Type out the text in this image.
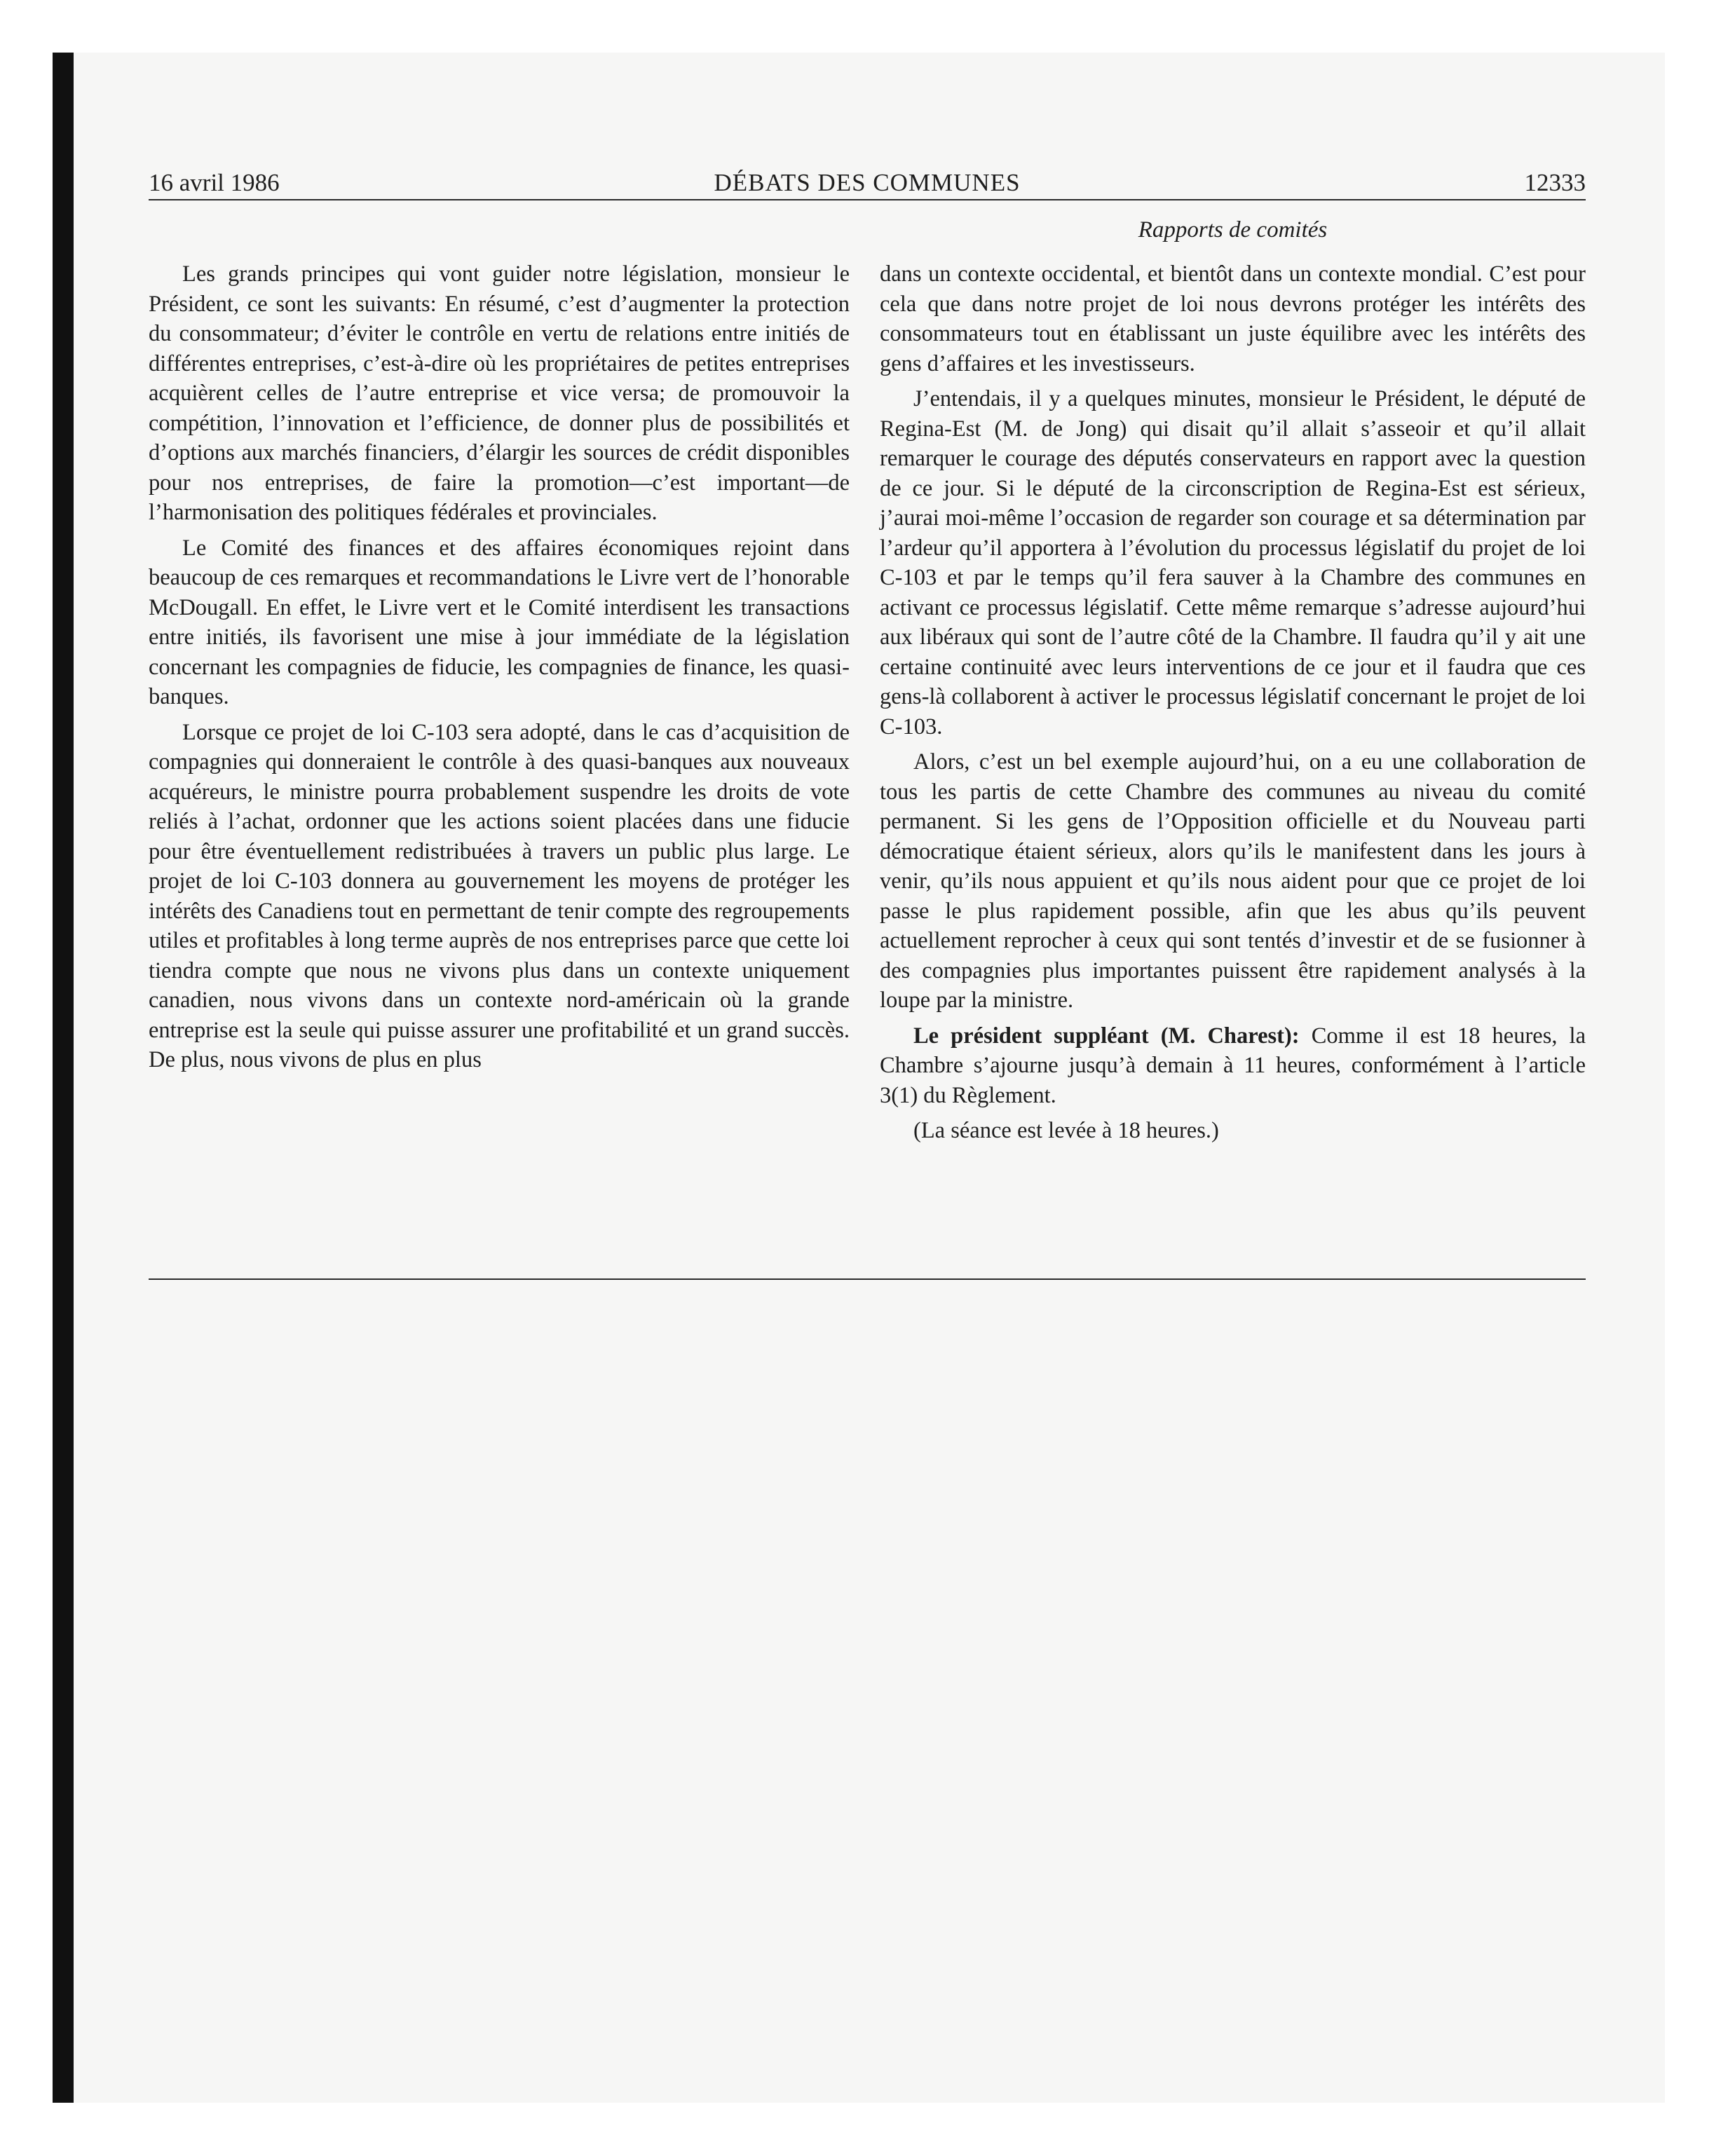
16 avril 1986	DÉBATS DES COMMUNES	12333
Rapports de comités

Les grands principes qui vont guider notre législation, monsieur le Président, ce sont les suivants: En résumé, c’est d’augmenter la protection du consommateur; d’éviter le contrôle en vertu de relations entre initiés de différentes entreprises, c’est-à-dire où les propriétaires de petites entreprises acquièrent celles de l’autre entreprise et vice versa; de promouvoir la compétition, l’innovation et l’efficience, de donner plus de possibilités et d’options aux marchés financiers, d’élargir les sources de crédit disponibles pour nos entreprises, de faire la promotion—c’est important—de l’harmonisation des politiques fédérales et provinciales.

Le Comité des finances et des affaires économiques rejoint dans beaucoup de ces remarques et recommandations le Livre vert de l’honorable McDougall. En effet, le Livre vert et le Comité interdisent les transactions entre initiés, ils favorisent une mise à jour immédiate de la législation concernant les compagnies de fiducie, les compagnies de finance, les quasi-banques.

Lorsque ce projet de loi C-103 sera adopté, dans le cas d’acquisition de compagnies qui donneraient le contrôle à des quasi-banques aux nouveaux acquéreurs, le ministre pourra probablement suspendre les droits de vote reliés à l’achat, ordonner que les actions soient placées dans une fiducie pour être éventuellement redistribuées à travers un public plus large. Le projet de loi C-103 donnera au gouvernement les moyens de protéger les intérêts des Canadiens tout en permettant de tenir compte des regroupements utiles et profitables à long terme auprès de nos entreprises parce que cette loi tiendra compte que nous ne vivons plus dans un contexte uniquement canadien, nous vivons dans un contexte nord-américain où la grande entreprise est la seule qui puisse assurer une profitabilité et un grand succès. De plus, nous vivons de plus en plus

dans un contexte occidental, et bientôt dans un contexte mondial. C’est pour cela que dans notre projet de loi nous devrons protéger les intérêts des consommateurs tout en établissant un juste équilibre avec les intérêts des gens d’affaires et les investisseurs.

J’entendais, il y a quelques minutes, monsieur le Président, le député de Regina-Est (M. de Jong) qui disait qu’il allait s’asseoir et qu’il allait remarquer le courage des députés conservateurs en rapport avec la question de ce jour. Si le député de la circonscription de Regina-Est est sérieux, j’aurai moi-même l’occasion de regarder son courage et sa détermination par l’ardeur qu’il apportera à l’évolution du processus législatif du projet de loi C-103 et par le temps qu’il fera sauver à la Chambre des communes en activant ce processus législatif. Cette même remarque s’adresse aujourd’hui aux libéraux qui sont de l’autre côté de la Chambre. Il faudra qu’il y ait une certaine continuité avec leurs interventions de ce jour et il faudra que ces gens-là collaborent à activer le processus législatif concernant le projet de loi C-103.

Alors, c’est un bel exemple aujourd’hui, on a eu une collaboration de tous les partis de cette Chambre des communes au niveau du comité permanent. Si les gens de l’Opposition officielle et du Nouveau parti démocratique étaient sérieux, alors qu’ils le manifestent dans les jours à venir, qu’ils nous appuient et qu’ils nous aident pour que ce projet de loi passe le plus rapidement possible, afin que les abus qu’ils peuvent actuellement reprocher à ceux qui sont tentés d’investir et de se fusionner à des compagnies plus importantes puissent être rapidement analysés à la loupe par la ministre.

Le président suppléant (M. Charest): Comme il est 18 heures, la Chambre s’ajourne jusqu’à demain à 11 heures, conformément à l’article 3(1) du Règlement.

(La séance est levée à 18 heures.)
